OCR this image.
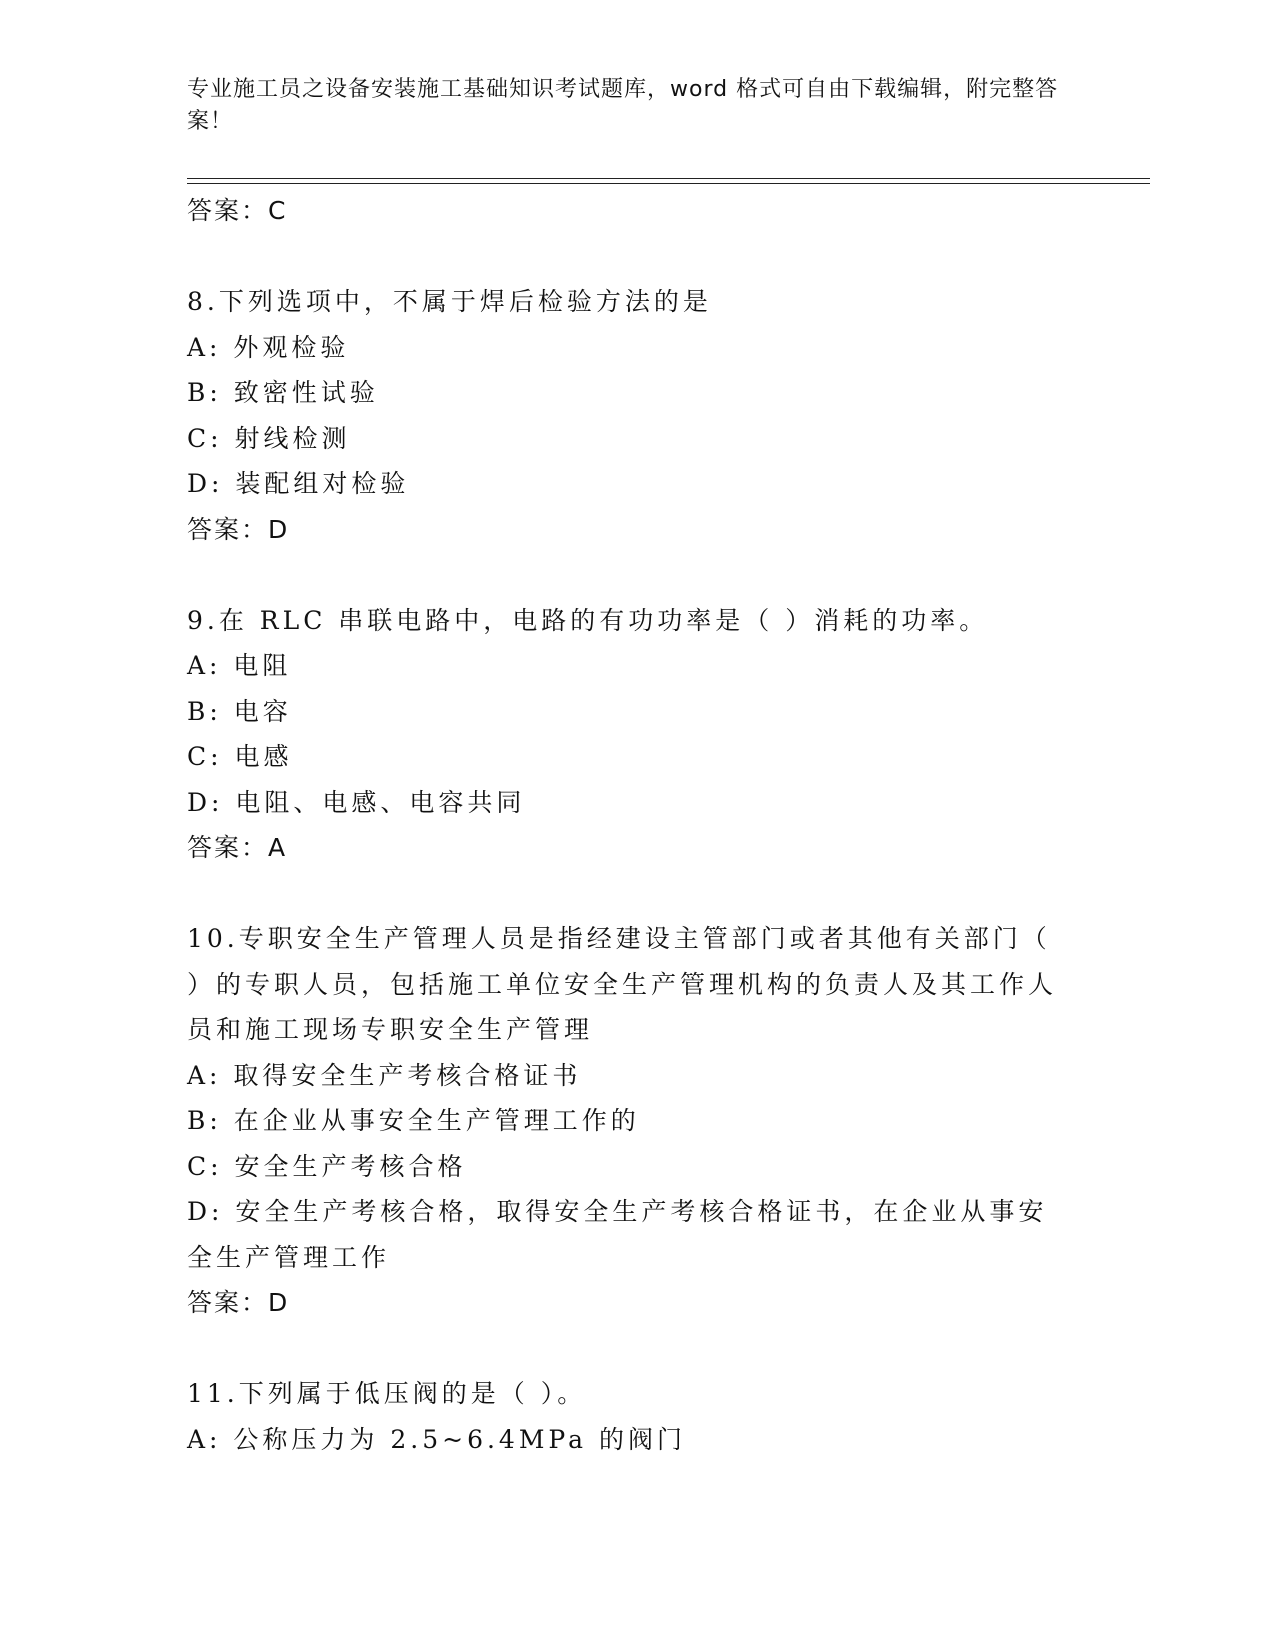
专业施工员之设备安装施工基础知识考试题库，word 格式可自由下载编辑，附完整答案！
答案：C
8.下列选项中，不属于焊后检验方法的是
A: 外观检验
B: 致密性试验
C: 射线检测
D: 装配组对检验
答案：D
9.在 RLC 串联电路中，电路的有功功率是（ ）消耗的功率。
A: 电阻
B: 电容
C: 电感
D: 电阻、电感、电容共同
答案：A
10.专职安全生产管理人员是指经建设主管部门或者其他有关部门（ ）的专职人员，包括施工单位安全生产管理机构的负责人及其工作人员和施工现场专职安全生产管理
A: 取得安全生产考核合格证书
B: 在企业从事安全生产管理工作的
C: 安全生产考核合格
D: 安全生产考核合格，取得安全生产考核合格证书，在企业从事安全生产管理工作
答案：D
11.下列属于低压阀的是（ ）。
A: 公称压力为 2.5~6.4MPa 的阀门
